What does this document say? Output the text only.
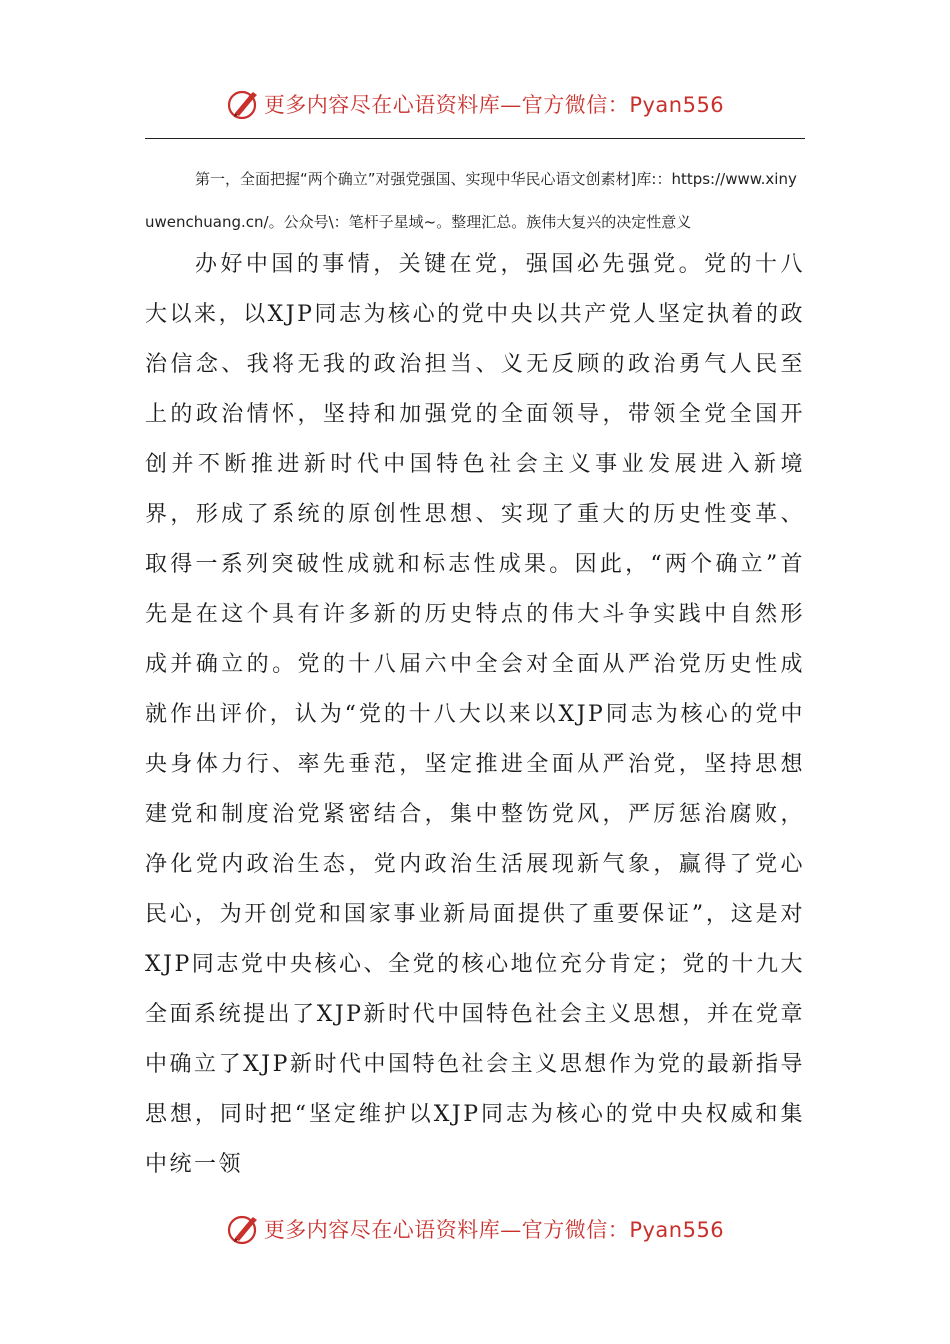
更多内容尽在心语资料库—官方微信：Pyan556

第一，全面把握“两个确立”对强党强国、实现中华民心语文创素材]库:：https://www.xinyuwenchuang.cn/。公众号\：笔杆子星域~。整理汇总。族伟大复兴的决定性意义

办好中国的事情，关键在党，强国必先强党。党的十八大以来，以XJP同志为核心的党中央以共产党人坚定执着的政治信念、我将无我的政治担当、义无反顾的政治勇气人民至上的政治情怀，坚持和加强党的全面领导，带领全党全国开创并不断推进新时代中国特色社会主义事业发展进入新境界，形成了系统的原创性思想、实现了重大的历史性变革、取得一系列突破性成就和标志性成果。因此，“两个确立”首先是在这个具有许多新的历史特点的伟大斗争实践中自然形成并确立的。党的十八届六中全会对全面从严治党历史性成就作出评价，认为“党的十八大以来以XJP同志为核心的党中央身体力行、率先垂范，坚定推进全面从严治党，坚持思想建党和制度治党紧密结合，集中整饬党风，严厉惩治腐败，净化党内政治生态，党内政治生活展现新气象，赢得了党心民心，为开创党和国家事业新局面提供了重要保证”，这是对XJP同志党中央核心、全党的核心地位充分肯定；党的十九大全面系统提出了XJP新时代中国特色社会主义思想，并在党章中确立了XJP新时代中国特色社会主义思想作为党的最新指导思想，同时把“坚定维护以XJP同志为核心的党中央权威和集中统一领

更多内容尽在心语资料库—官方微信：Pyan556
